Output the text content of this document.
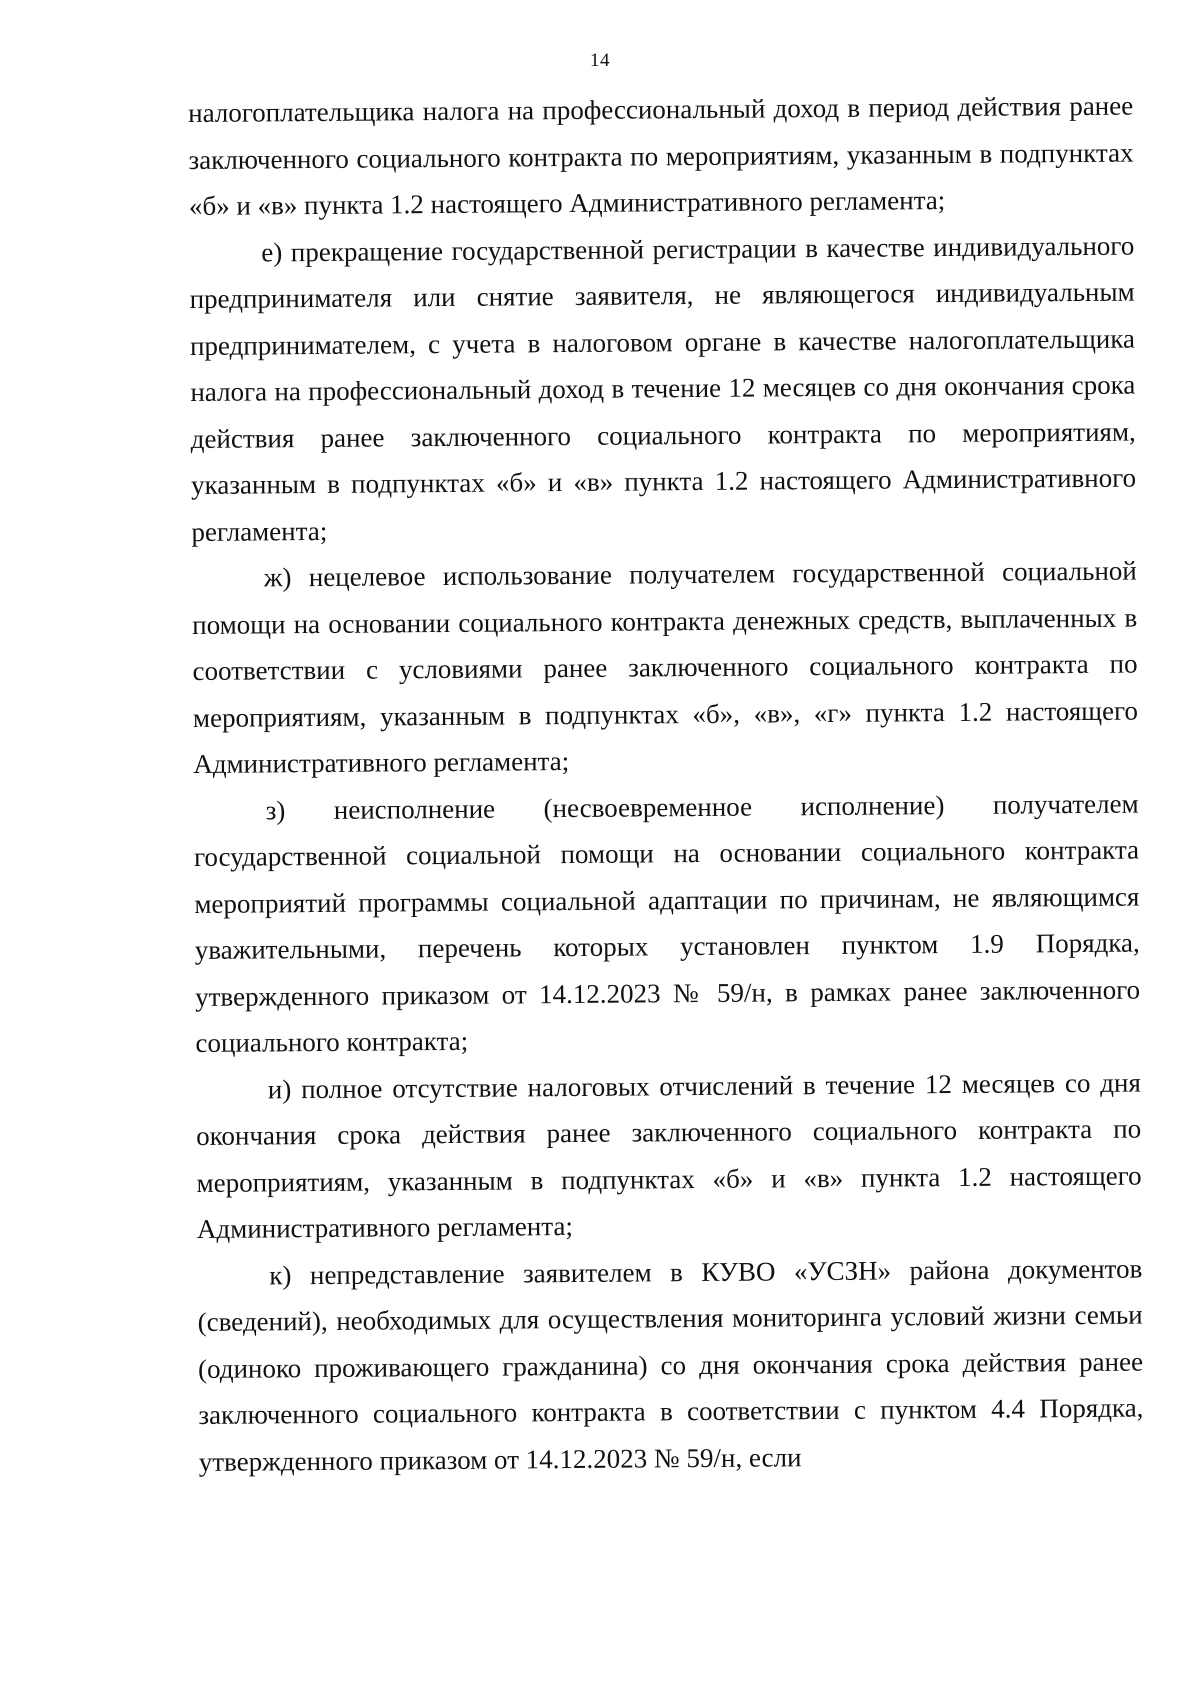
14

налогоплательщика налога на профессиональный доход в период действия ранее заключенного социального контракта по мероприятиям, указанным в подпунктах «б» и «в» пункта 1.2 настоящего Административного регламента;

е) прекращение государственной регистрации в качестве индивидуального предпринимателя или снятие заявителя, не являющегося индивидуальным предпринимателем, с учета в налоговом органе в качестве налогоплательщика налога на профессиональный доход в течение 12 месяцев со дня окончания срока действия ранее заключенного социального контракта по мероприятиям, указанным в подпунктах «б» и «в» пункта 1.2 настоящего Административного регламента;

ж) нецелевое использование получателем государственной социальной помощи на основании социального контракта денежных средств, выплаченных в соответствии с условиями ранее заключенного социального контракта по мероприятиям, указанным в подпунктах «б», «в», «г» пункта 1.2 настоящего Административного регламента;

з) неисполнение (несвоевременное исполнение) получателем государственной социальной помощи на основании социального контракта мероприятий программы социальной адаптации по причинам, не являющимся уважительными, перечень которых установлен пунктом 1.9 Порядка, утвержденного приказом от 14.12.2023 № 59/н, в рамках ранее заключенного социального контракта;

и) полное отсутствие налоговых отчислений в течение 12 месяцев со дня окончания срока действия ранее заключенного социального контракта по мероприятиям, указанным в подпунктах «б» и «в» пункта 1.2 настоящего Административного регламента;

к) непредставление заявителем в КУВО «УСЗН» района документов (сведений), необходимых для осуществления мониторинга условий жизни семьи (одиноко проживающего гражданина) со дня окончания срока действия ранее заключенного социального контракта в соответствии с пунктом 4.4 Порядка, утвержденного приказом от 14.12.2023 № 59/н, если
